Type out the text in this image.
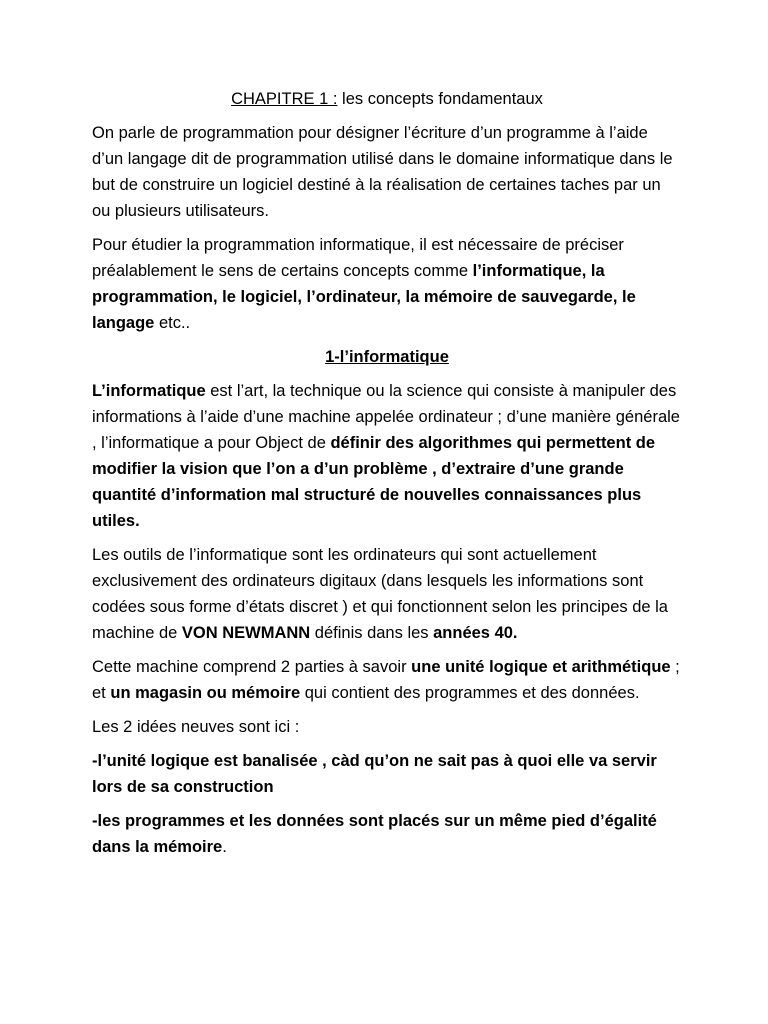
CHAPITRE 1 : les concepts fondamentaux

On parle de programmation pour désigner l’écriture d’un programme à l’aide d’un langage dit de programmation utilisé dans le domaine informatique dans le but de construire un logiciel destiné à la réalisation de certaines taches par un ou plusieurs utilisateurs.

Pour étudier la programmation informatique, il est nécessaire de préciser préalablement le sens de certains concepts comme l’informatique, la programmation, le logiciel, l’ordinateur, la mémoire de sauvegarde, le langage etc..

1-l’informatique

L’informatique est l’art, la technique ou la science qui consiste à manipuler des informations à l’aide d’une machine appelée ordinateur ; d’une manière générale , l’informatique a pour Object de définir des algorithmes qui permettent de modifier la vision que l’on a d’un problème , d’extraire d’une grande quantité d’information mal structuré de nouvelles connaissances plus utiles.

Les outils de l’informatique sont les ordinateurs qui sont actuellement exclusivement des ordinateurs digitaux (dans lesquels les informations sont codées sous forme d’états discret ) et qui fonctionnent selon les principes de la machine de VON NEWMANN définis dans les années 40.

Cette machine comprend 2 parties à savoir une unité logique et arithmétique ; et un magasin ou mémoire qui contient des programmes et des données.

Les 2 idées neuves sont ici :

-l’unité logique est banalisée , càd qu’on ne sait pas à quoi elle va servir lors de sa construction

-les programmes et les données sont placés sur un même pied d’égalité dans la mémoire.
